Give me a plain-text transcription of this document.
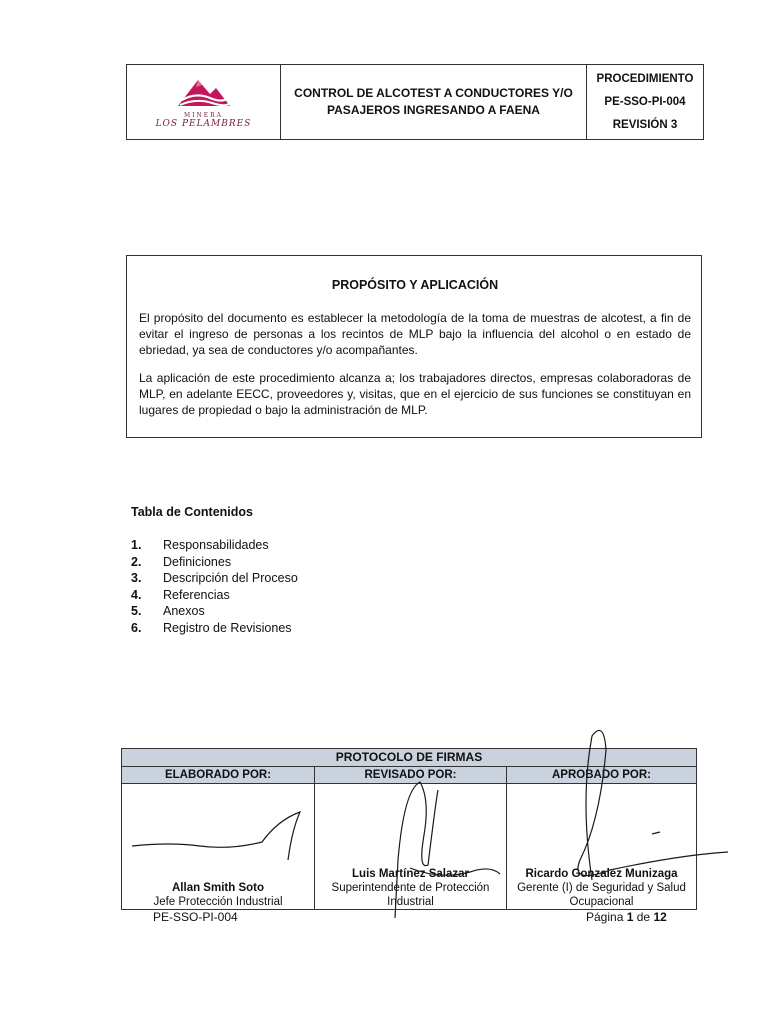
MINERA
LOS PELAMBRES
CONTROL DE ALCOTEST A CONDUCTORES Y/O PASAJEROS INGRESANDO A FAENA
PROCEDIMIENTO
PE-SSO-PI-004
REVISIÓN 3
PROPÓSITO Y APLICACIÓN

El propósito del documento es establecer la metodología de la toma de muestras de alcotest, a fin de evitar el ingreso de personas a los recintos de MLP bajo la influencia del alcohol o en estado de ebriedad, ya sea de conductores y/o acompañantes.

La aplicación de este procedimiento alcanza a; los trabajadores directos, empresas colaboradoras de MLP, en adelante EECC, proveedores y, visitas, que en el ejercicio de sus funciones se constituyan en lugares de propiedad o bajo la administración de MLP.

Tabla de Contenidos
1.	Responsabilidades
2.	Definiciones
3.	Descripción del Proceso
4.	Referencias
5.	Anexos
6.	Registro de Revisiones
PROTOCOLO DE FIRMAS
ELABORADO POR:
Allan Smith Soto
Jefe Protección Industrial
REVISADO POR:
Luis Martínez Salazar
Superintendente de Protección Industrial
APROBADO POR:
Ricardo Gonzalez Munizaga
Gerente (I) de Seguridad y Salud Ocupacional
PE-SSO-PI-004	Página 1 de 12
